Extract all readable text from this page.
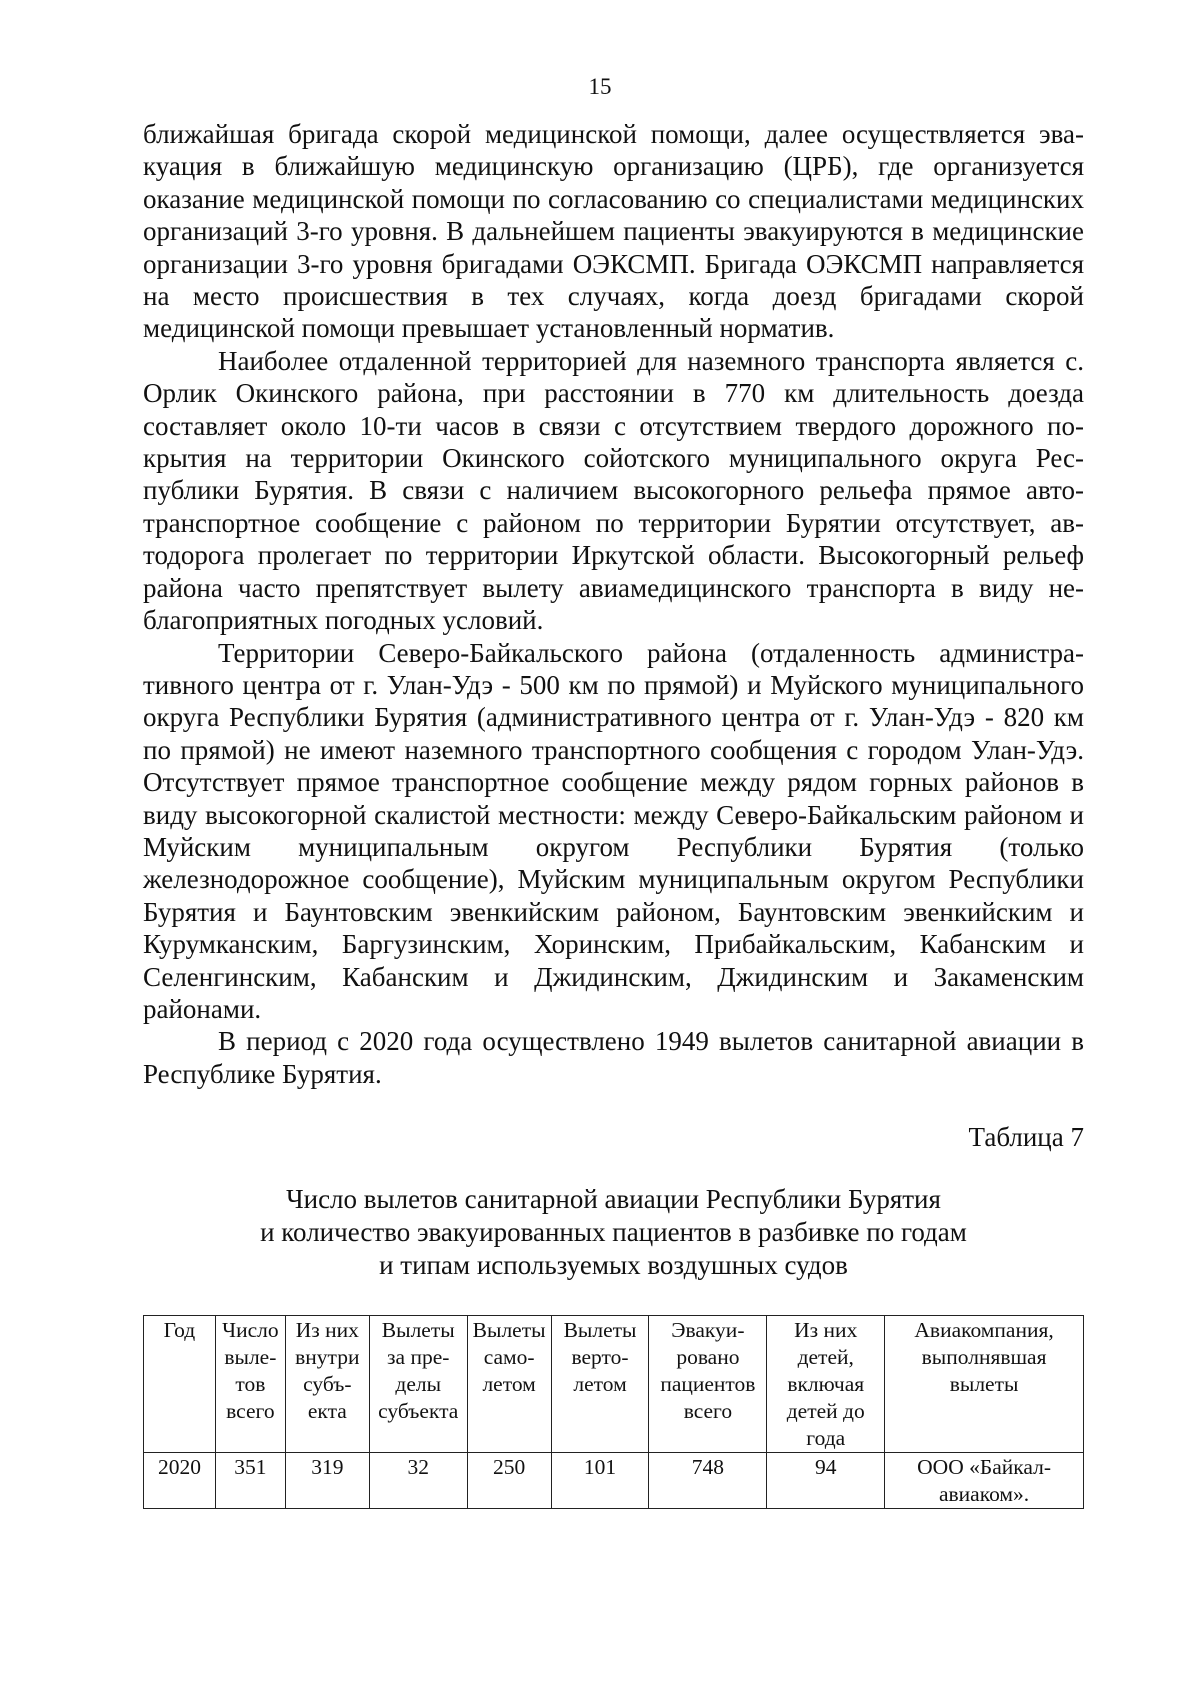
15

ближайшая бригада скорой медицинской помощи, далее осуществляется эвакуация в ближайшую медицинскую организацию (ЦРБ), где организуется оказание медицинской помощи по согласованию со специалистами медицинских организаций 3-го уровня. В дальнейшем пациенты эвакуируются в медицинские организации 3-го уровня бригадами ОЭКСМП. Бригада ОЭКСМП направляется на место происшествия в тех случаях, когда доезд бригадами скорой медицинской помощи превышает установленный норматив.

Наиболее отдаленной территорией для наземного транспорта является с. Орлик Окинского района, при расстоянии в 770 км длительность доезда составляет около 10-ти часов в связи с отсутствием твердого дорожного покрытия на территории Окинского сойотского муниципального округа Республики Бурятия. В связи с наличием высокогорного рельефа прямое автотранспортное сообщение с районом по территории Бурятии отсутствует, автодорога пролегает по территории Иркутской области. Высокогорный рельеф района часто препятствует вылету авиамедицинского транспорта в виду неблагоприятных погодных условий.

Территории Северо-Байкальского района (отдаленность административного центра от г. Улан-Удэ - 500 км по прямой) и Муйского муниципального округа Республики Бурятия (административного центра от г. Улан-Удэ - 820 км по прямой) не имеют наземного транспортного сообщения с городом Улан-Удэ. Отсутствует прямое транспортное сообщение между рядом горных районов в виду высокогорной скалистой местности: между Северо-Байкальским районом и Муйским муниципальным округом Республики Бурятия (только железнодорожное сообщение), Муйским муниципальным округом Республики Бурятия и Баунтовским эвенкийским районом, Баунтовским эвенкийским и Курумканским, Баргузинским, Хоринским, Прибайкальским, Кабанским и Селенгинским, Кабанским и Джидинским, Джидинским и Закаменским районами.

В период с 2020 года осуществлено 1949 вылетов санитарной авиации в Республике Бурятия.

Таблица 7
Число вылетов санитарной авиации Республики Бурятия
и количество эвакуированных пациентов в разбивке по годам
и типам используемых воздушных судов
Год	Число вылетов всего	Из них внутри субъекта	Вылеты за пределы субъекта	Вылеты самолетом	Вылеты вертолетом	Эвакуировано пациентов всего	Из них детей, включая детей до года	Авиакомпания, выполнявшая вылеты
2020	351	319	32	250	101	748	94	ООО «Байкал-авиаком».
